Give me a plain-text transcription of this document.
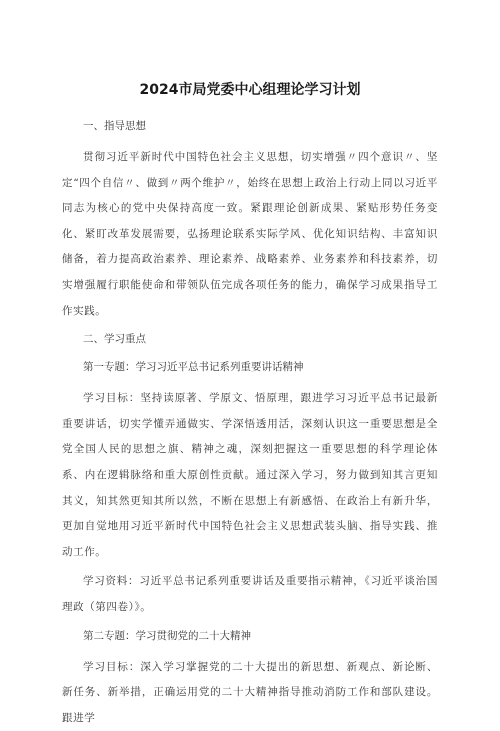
2024市局党委中心组理论学习计划
一、指导思想

贯彻习近平新时代中国特色社会主义思想，切实增强〃四个意识〃、坚定“四个自信〃、做到〃两个维护〃，始终在思想上政治上行动上同以习近平同志为核心的党中央保持高度一致。紧跟理论创新成果、紧贴形势任务变化、紧盯改革发展需要，弘扬理论联系实际学风、优化知识结构、丰富知识储备，着力提高政治素养、理论素养、战略素养、业务素养和科技素养，切实增强履行职能使命和带领队伍完成各项任务的能力，确保学习成果指导工作实践。

二、学习重点
第一专题：学习习近平总书记系列重要讲话精神

学习目标：坚持读原著、学原文、悟原理，跟进学习习近平总书记最新重要讲话，切实学懂弄通做实、学深悟透用活，深刻认识这一重要思想是全党全国人民的思想之旗、精神之魂，深刻把握这一重要思想的科学理论体系、内在逻辑脉络和重大原创性贡献。通过深入学习，努力做到知其言更知其义，知其然更知其所以然，不断在思想上有新感悟、在政治上有新升华，更加自觉地用习近平新时代中国特色社会主义思想武装头脑、指导实践、推动工作。

学习资料：习近平总书记系列重要讲话及重要指示精神，《习近平谈治国理政（第四卷）》。

第二专题：学习贯彻党的二十大精神

学习目标：深入学习掌握党的二十大提出的新思想、新观点、新论断、新任务、新举措，正确运用党的二十大精神指导推动消防工作和部队建设。跟进学
